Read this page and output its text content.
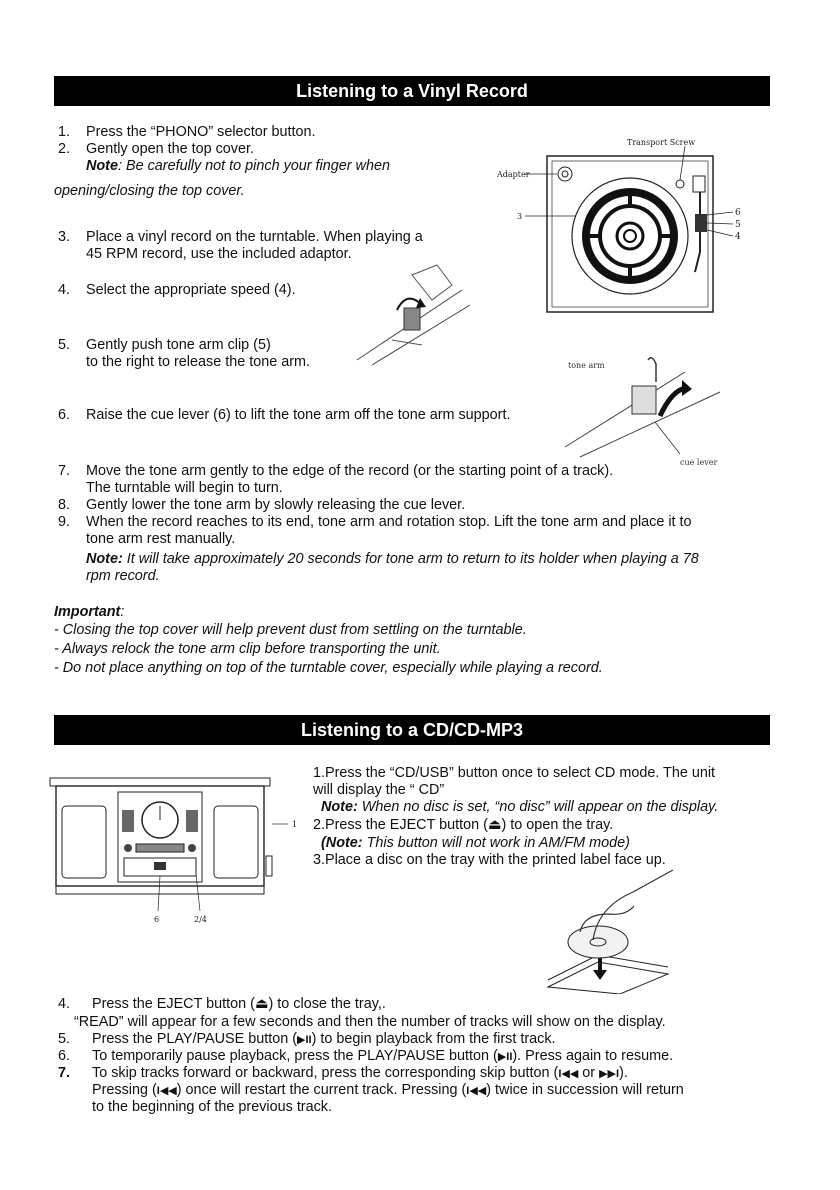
Listening to a Vinyl Record
1. Press the “PHONO” selector button.
2. Gently open the top cover.
Note: Be carefully not to pinch your finger when
opening/closing the top cover.
3. Place a vinyl record on the turntable. When playing a
45 RPM record, use the included adaptor.
4. Select the appropriate speed (4).
5. Gently push tone arm clip (5)
to the right to release the tone arm.
6. Raise the cue lever (6) to lift the tone arm off the tone arm support.
7. Move the tone arm gently to the edge of the record (or the starting point of a track).
The turntable will begin to turn.
8. Gently lower the tone arm by slowly releasing the cue lever.
9. When the record reaches to its end, tone arm and rotation stop. Lift the tone arm and place it to
tone arm rest manually.
Note: It will take approximately 20 seconds for tone arm to return to its holder when playing a 78
rpm record.
Important:
- Closing the top cover will help prevent dust from settling on the turntable.
- Always relock the tone arm clip before transporting the unit.
- Do not place anything on top of the turntable cover, especially while playing a record.
Transport Screw
Adapter
3	6
5
4
tone arm
cue lever
Listening to a CD/CD-MP3
1
6	2/4
1.Press the “CD/USB” button once to select CD mode. The unit
will display the “ CD”
Note: When no disc is set, “no disc” will appear on the display.
2.Press the EJECT button (⏏) to open the tray.
(Note: This button will not work in AM/FM mode)
3.Place a disc on the tray with the printed label face up.
4. Press the EJECT button (⏏) to close the tray,.
“READ” will appear for a few seconds and then the number of tracks will show on the display.
5. Press the PLAY/PAUSE button (▶II) to begin playback from the first track.
6. To temporarily pause playback, press the PLAY/PAUSE button (▶II). Press again to resume.
7. To skip tracks forward or backward, press the corresponding skip button (I◀◀ or ▶▶I).
Pressing (I◀◀) once will restart the current track. Pressing (I◀◀) twice in succession will return
to the beginning of the previous track.
